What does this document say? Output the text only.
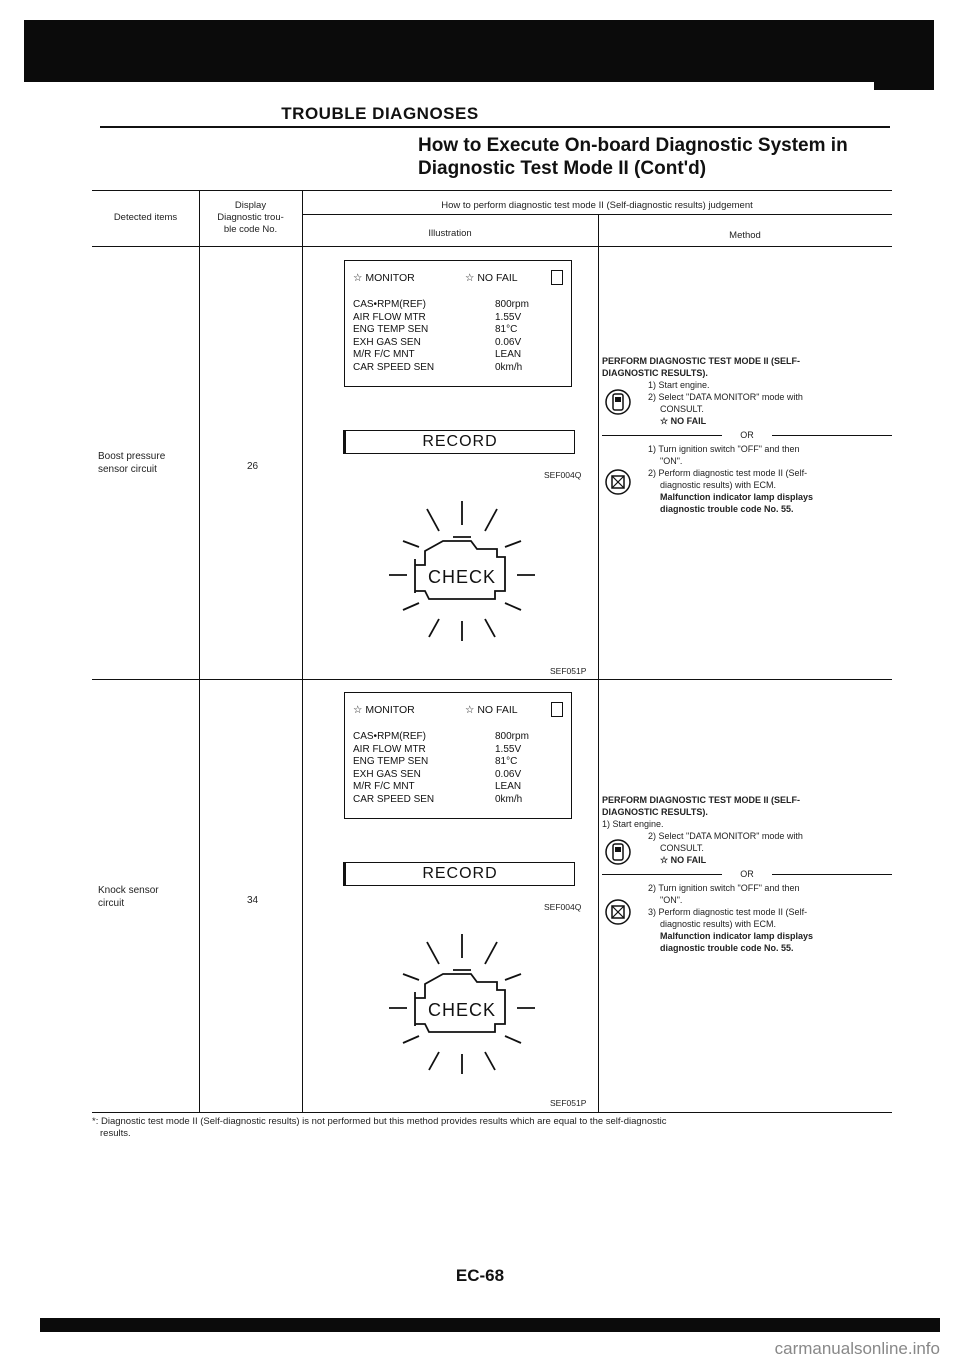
TROUBLE DIAGNOSES
How to Execute On-board Diagnostic System in
Diagnostic Test Mode II (Cont'd)
Detected items
Display
Diagnostic trou-
ble code No.
How to perform diagnostic test mode II (Self-diagnostic results) judgement
Illustration	Method
Boost pressure
sensor circuit	26
☆ MONITOR	☆ NO FAIL
CAS•RPM(REF)	800rpm
AIR FLOW MTR	1.55V
ENG TEMP SEN	81°C
EXH GAS SEN	0.06V
M/R F/C MNT	LEAN
CAR SPEED SEN	0km/h
RECORD
SEF004Q
CHECK
SEF051P
PERFORM DIAGNOSTIC TEST MODE II (SELF-
DIAGNOSTIC RESULTS).
1) Start engine.
2) Select "DATA MONITOR" mode with
CONSULT.
☆ NO FAIL
OR
1) Turn ignition switch "OFF" and then
"ON".
2) Perform diagnostic test mode II (Self-
diagnostic results) with ECM.
Malfunction indicator lamp displays
diagnostic trouble code No. 55.
Knock sensor
circuit	34
☆ MONITOR	☆ NO FAIL
CAS•RPM(REF)	800rpm
AIR FLOW MTR	1.55V
ENG TEMP SEN	81°C
EXH GAS SEN	0.06V
M/R F/C MNT	LEAN
CAR SPEED SEN	0km/h
RECORD
SEF004Q
CHECK
SEF051P
PERFORM DIAGNOSTIC TEST MODE II (SELF-
DIAGNOSTIC RESULTS).
1) Start engine.
2) Select "DATA MONITOR" mode with
CONSULT.
☆ NO FAIL
OR
2) Turn ignition switch "OFF" and then
"ON".
3) Perform diagnostic test mode II (Self-
diagnostic results) with ECM.
Malfunction indicator lamp displays
diagnostic trouble code No. 55.
*: Diagnostic test mode II (Self-diagnostic results) is not performed but this method provides results which are equal to the self-diagnostic
results.
EC-68
carmanualsonline.info
